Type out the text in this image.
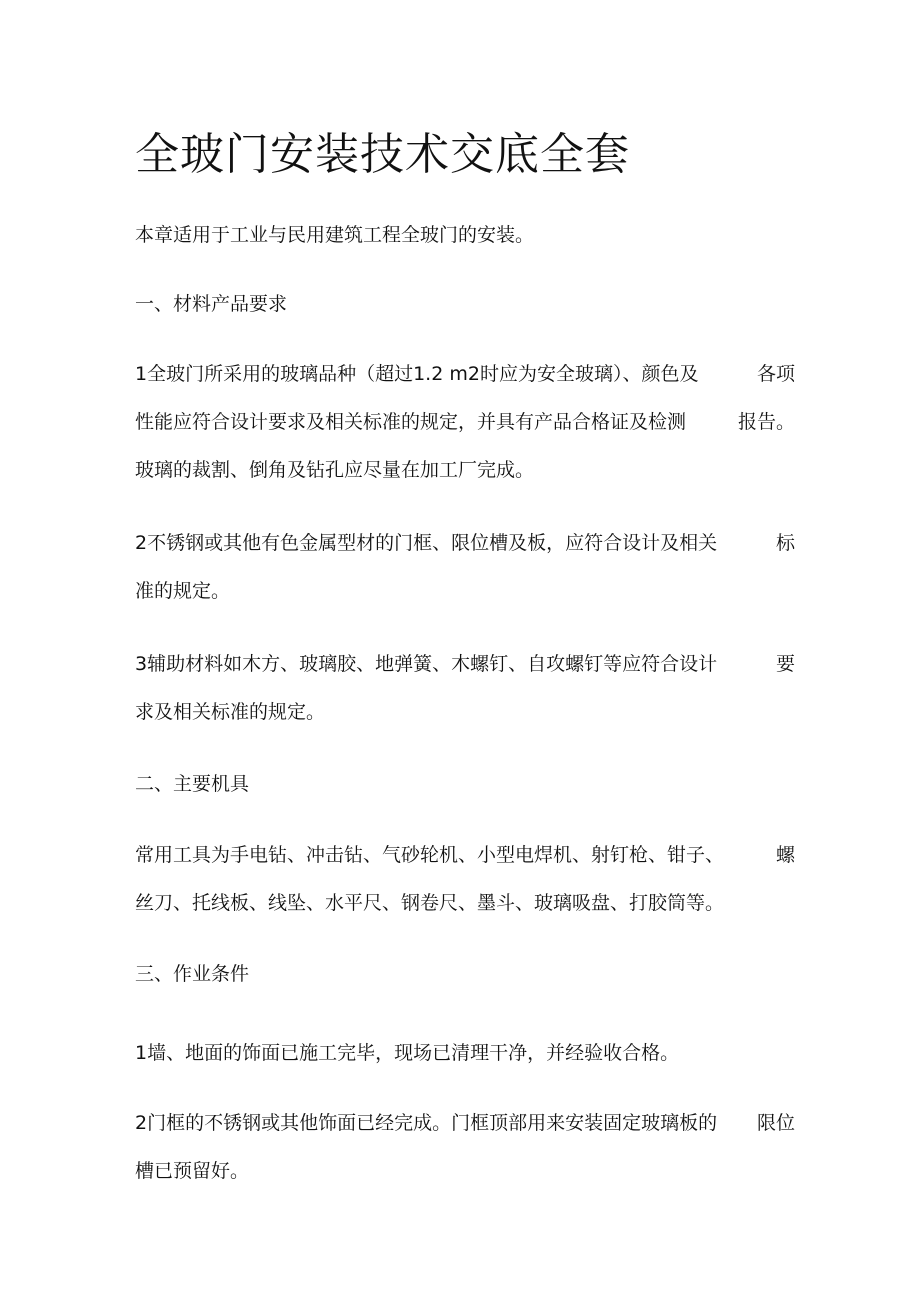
全玻门安装技术交底全套
本章适用于工业与民用建筑工程全玻门的安装。
一、材料产品要求
1全玻门所采用的玻璃品种（超过1.2 m2时应为安全玻璃）、颜色及	各项
性能应符合设计要求及相关标准的规定，并具有产品合格证及检测	报告。
玻璃的裁割、倒角及钻孔应尽量在加工厂完成。
2不锈钢或其他有色金属型材的门框、限位槽及板，应符合设计及相关	标
准的规定。
3辅助材料如木方、玻璃胶、地弹簧、木螺钉、自攻螺钉等应符合设计	要
求及相关标准的规定。
二、主要机具
常用工具为手电钻、冲击钻、气砂轮机、小型电焊机、射钉枪、钳子、	螺
丝刀、托线板、线坠、水平尺、钢卷尺、墨斗、玻璃吸盘、打胶筒等。
三、作业条件
1墙、地面的饰面已施工完毕，现场已清理干净，并经验收合格。
2门框的不锈钢或其他饰面已经完成。门框顶部用来安装固定玻璃板的 限位
槽已预留好。
